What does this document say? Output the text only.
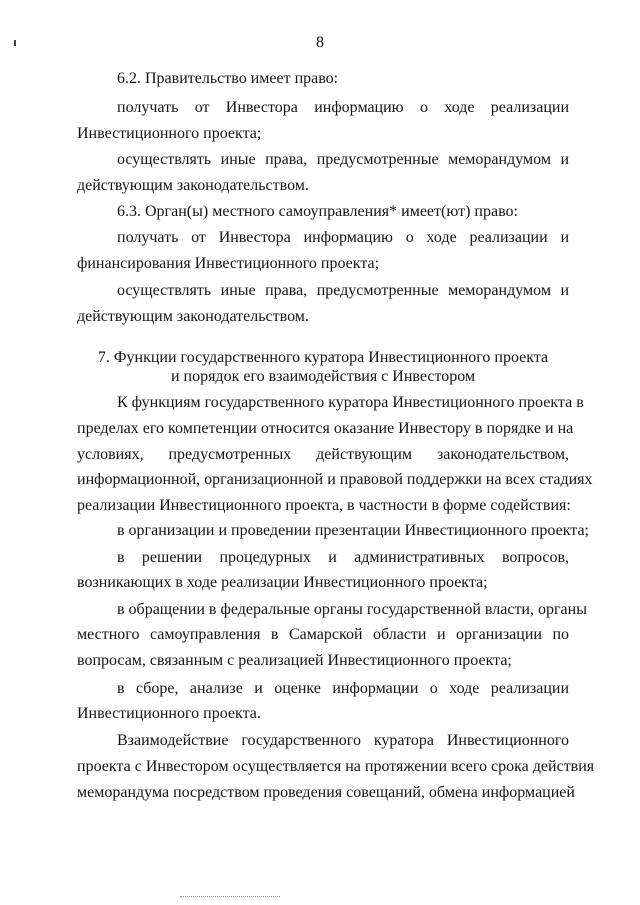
8
6.2. Правительство имеет право:
получать от Инвестора информацию о ходе реализации
Инвестиционного проекта;
осуществлять иные права, предусмотренные меморандумом и
действующим законодательством.
6.3. Орган(ы) местного самоуправления* имеет(ют) право:
получать от Инвестора информацию о ходе реализации и
финансирования Инвестиционного проекта;
осуществлять иные права, предусмотренные меморандумом и
действующим законодательством.
7. Функции государственного куратора Инвестиционного проекта
и порядок его взаимодействия с Инвестором
К функциям государственного куратора Инвестиционного проекта в
пределах его компетенции относится оказание Инвестору в порядке и на
условиях, предусмотренных действующим законодательством,
информационной, организационной и правовой поддержки на всех стадиях
реализации Инвестиционного проекта, в частности в форме содействия:
в организации и проведении презентации Инвестиционного проекта;
в решении процедурных и административных вопросов,
возникающих в ходе реализации Инвестиционного проекта;
в обращении в федеральные органы государственной власти, органы
местного самоуправления в Самарской области и организации по
вопросам, связанным с реализацией Инвестиционного проекта;
в сборе, анализе и оценке информации о ходе реализации
Инвестиционного проекта.
Взаимодействие государственного куратора Инвестиционного
проекта с Инвестором осуществляется на протяжении всего срока действия
меморандума посредством проведения совещаний, обмена информацией
